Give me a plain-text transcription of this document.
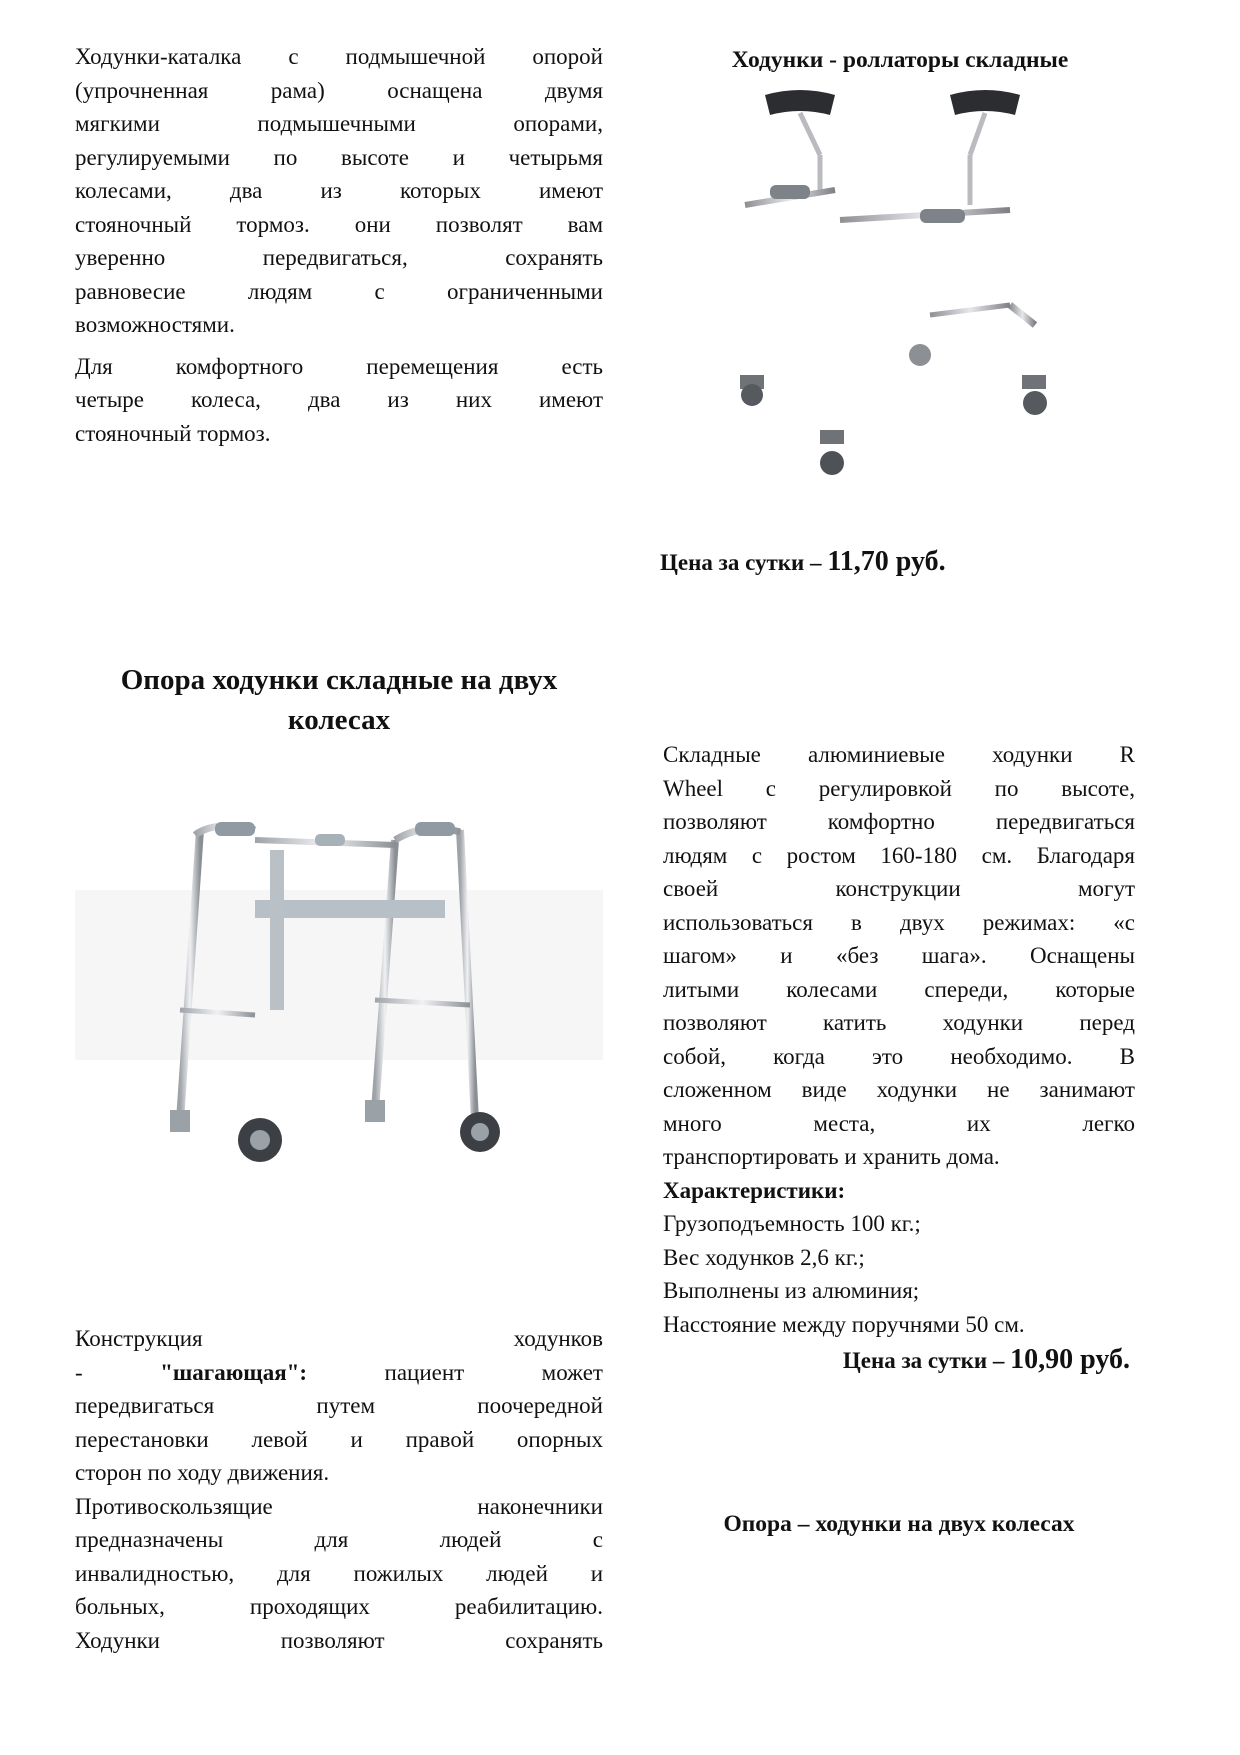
Ходунки-каталка с подмышечной опорой
(упрочненная рама) оснащена двумя
мягкими подмышечными опорами,
регулируемыми по высоте и четырьмя
колесами, два из которых имеют
стояночный тормоз. они позволят вам
уверенно передвигаться, сохранять
равновесие людям с ограниченными
возможностями.
Для комфортного перемещения есть
четыре колеса, два из них имеют
стояночный тормоз.
Ходунки - роллаторы складные
Цена за сутки – 11,70 руб.
Опора ходунки складные на двух
колесах
Складные алюминиевые ходунки R
Wheel с регулировкой по высоте,
позволяют комфортно передвигаться
людям с ростом 160-180 см. Благодаря
своей конструкции могут
использоваться в двух режимах: «с
шагом» и «без шага». Оснащены
литыми колесами спереди, которые
позволяют катить ходунки перед
собой, когда это необходимо. В
сложенном виде ходунки не занимают
много места, их легко
транспортировать и хранить дома.
Характеристики:
Грузоподъемность 100 кг.;
Вес ходунков 2,6 кг.;
Выполнены из алюминия;
Насстояние между поручнями 50 см.
Цена за сутки – 10,90 руб.
Конструкция ходунков
- "шагающая": пациент может
передвигаться путем поочередной
перестановки левой и правой опорных
сторон по ходу движения.
Противоскользящие наконечники
предназначены для людей с
инвалидностью, для пожилых людей и
больных, проходящих реабилитацию.
Ходунки позволяют сохранять
Опора – ходунки на двух колесах
